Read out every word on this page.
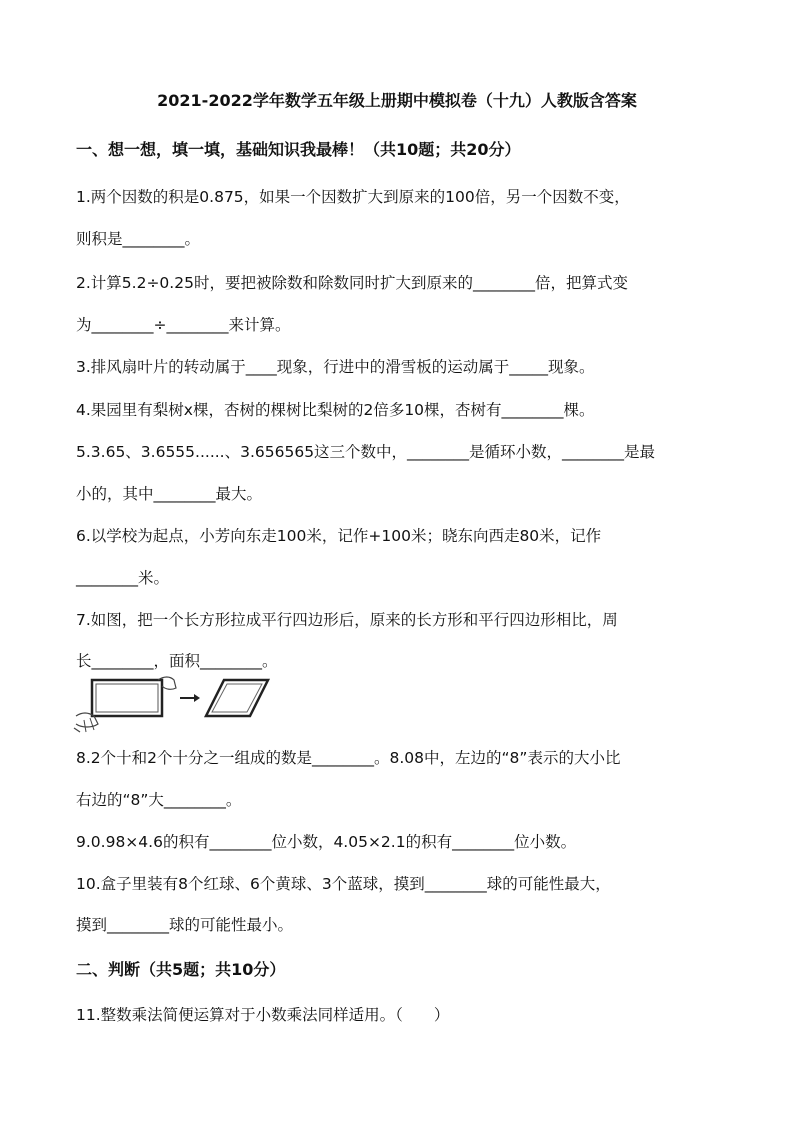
2021-2022学年数学五年级上册期中模拟卷（十九）人教版含答案
一、想一想，填一填，基础知识我最棒！（共10题；共20分）
1.两个因数的积是0.875，如果一个因数扩大到原来的100倍，另一个因数不变，
则积是________。
2.计算5.2÷0.25时，要把被除数和除数同时扩大到原来的________倍，把算式变
为________÷________来计算。
3.排风扇叶片的转动属于____现象，行进中的滑雪板的运动属于_____现象。
4.果园里有梨树x棵，杏树的棵树比梨树的2倍多10棵，杏树有________棵。
5.3.65、3.6555......、3.656565这三个数中，________是循环小数，________是最
小的，其中________最大。
6.以学校为起点，小芳向东走100米，记作+100米；晓东向西走80米，记作
________米。
7.如图，把一个长方形拉成平行四边形后，原来的长方形和平行四边形相比，周
长________，面积________。
8.2个十和2个十分之一组成的数是________。8.08中，左边的“8”表示的大小比
右边的“8”大________。
9.0.98×4.6的积有________位小数，4.05×2.1的积有________位小数。
10.盒子里装有8个红球、6个黄球、3个蓝球，摸到________球的可能性最大，
摸到________球的可能性最小。
二、判断（共5题；共10分）
11.整数乘法简便运算对于小数乘法同样适用。（　　）
